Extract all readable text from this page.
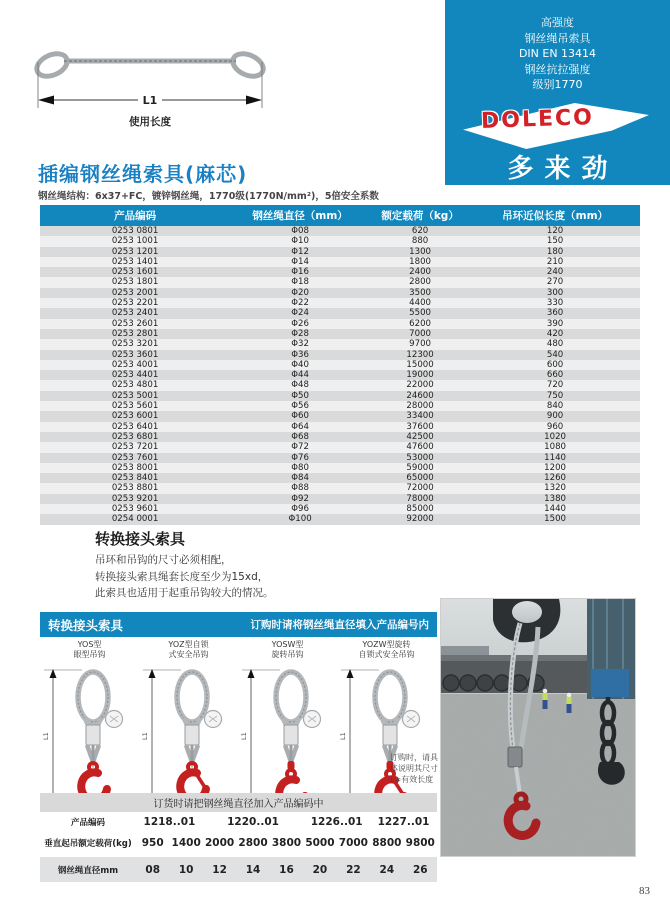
L1
使用长度
高强度
钢丝绳吊索具
DIN EN 13414
钢丝抗拉强度
级别1770
DOLECO
多来劲
插编钢丝绳索具(麻芯)
钢丝绳结构：6x37+FC，镀锌钢丝绳，1770级(1770N/mm²)，5倍安全系数
产品编码	钢丝绳直径（mm）	额定载荷（kg）	吊环近似长度（mm）
0253 0801	Φ08	620	120
0253 1001	Φ10	880	150
0253 1201	Φ12	1300	180
0253 1401	Φ14	1800	210
0253 1601	Φ16	2400	240
0253 1801	Φ18	2800	270
0253 2001	Φ20	3500	300
0253 2201	Φ22	4400	330
0253 2401	Φ24	5500	360
0253 2601	Φ26	6200	390
0253 2801	Φ28	7000	420
0253 3201	Φ32	9700	480
0253 3601	Φ36	12300	540
0253 4001	Φ40	15000	600
0253 4401	Φ44	19000	660
0253 4801	Φ48	22000	720
0253 5001	Φ50	24600	750
0253 5601	Φ56	28000	840
0253 6001	Φ60	33400	900
0253 6401	Φ64	37600	960
0253 6801	Φ68	42500	1020
0253 7201	Φ72	47600	1080
0253 7601	Φ76	53000	1140
0253 8001	Φ80	59000	1200
0253 8401	Φ84	65000	1260
0253 8801	Φ88	72000	1320
0253 9201	Φ92	78000	1380
0253 9601	Φ96	85000	1440
0254 0001	Φ100	92000	1500
转换接头索具
吊环和吊钩的尺寸必须相配，
转换接头索具绳套长度至少为15xd，
此索具也适用于起重吊钩较大的情况。
转换接头索具	订购时请将钢丝绳直径填入产品编号内
YOS型
眼型吊钩
L1
YOZ型自锁
式安全吊钩
L1
YOSW型
旋转吊钩
L1
YOZW型旋转
自锁式安全吊钩
L1
订购时，请具
体说明其尺寸
L=有效长度
订货时请把钢丝绳直径加入产品编码中
产品编码	1218..01	1220..01	1226..01	1227..01
垂直起吊额定载荷(kg) 950 1400 2000 2800 3800 5000 7000 8800 9800
钢丝绳直径mm	08	10	12	14	16	20	22	24	26
83
